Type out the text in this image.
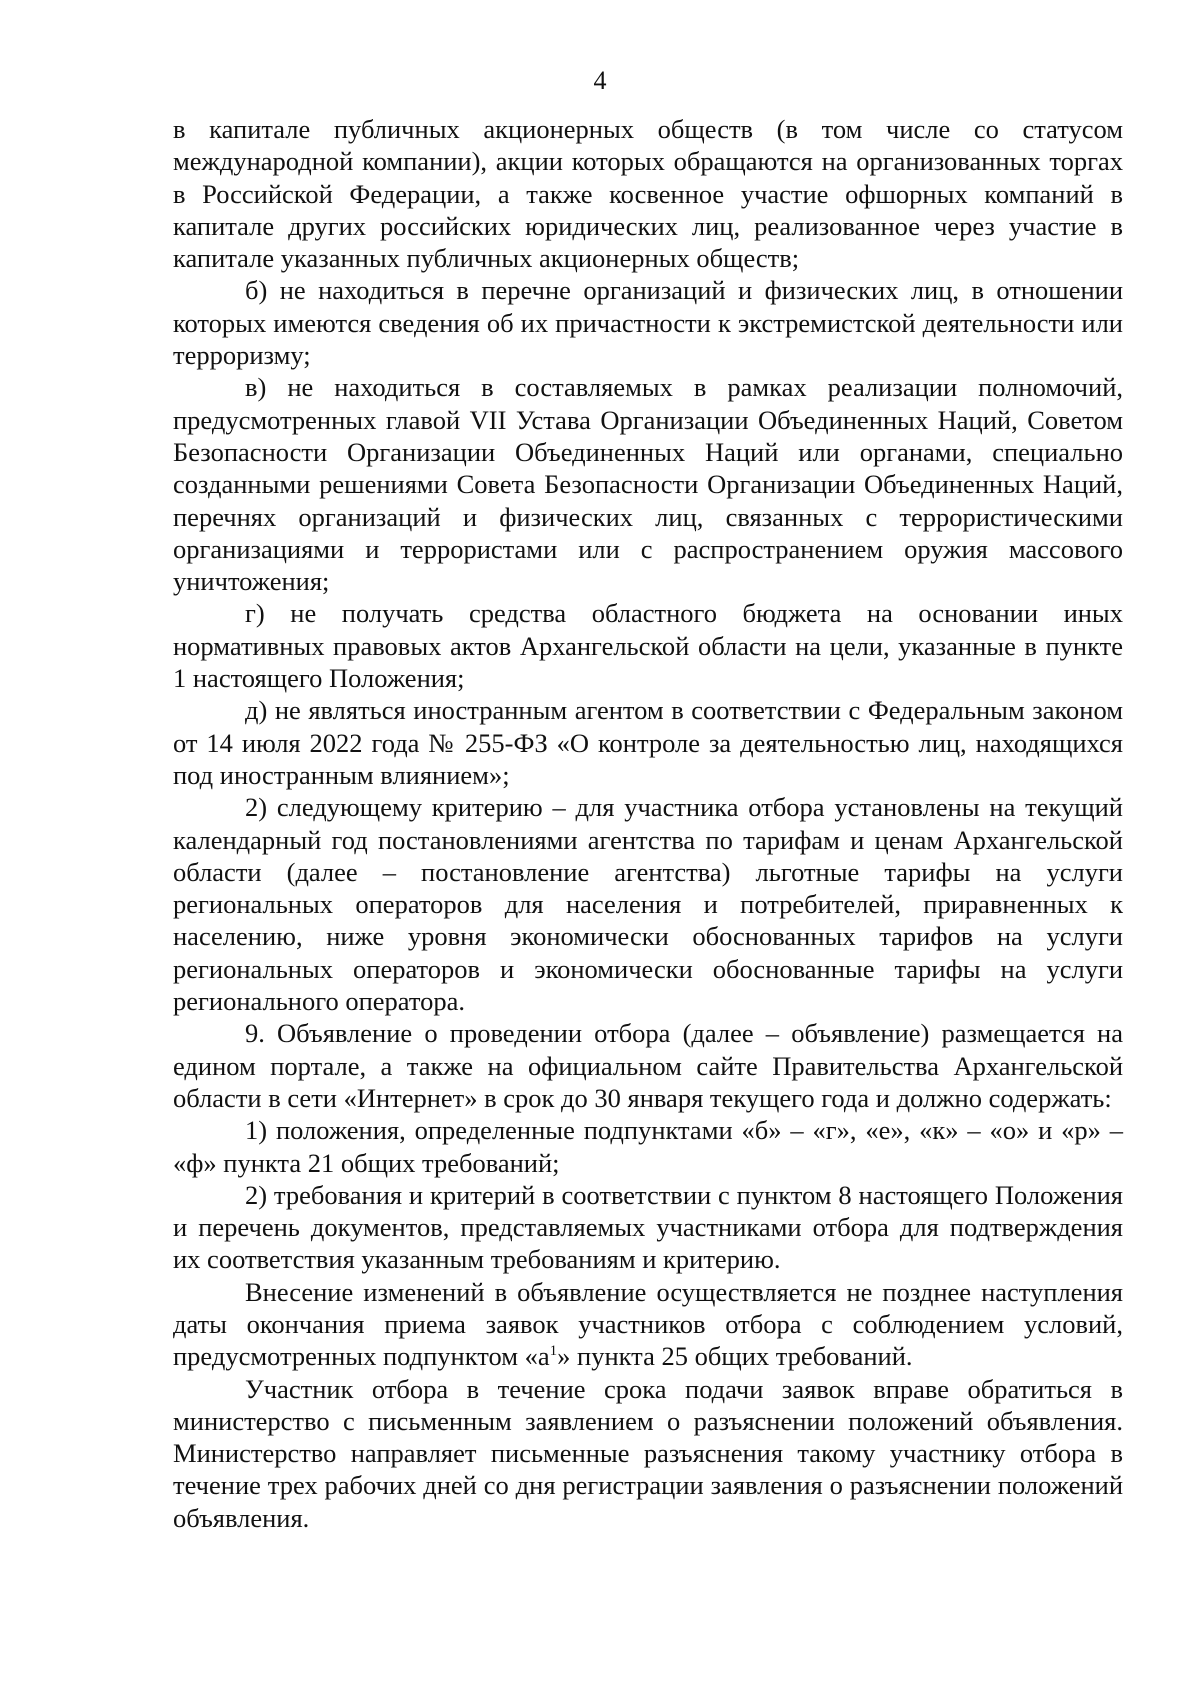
4

в капитале публичных акционерных обществ (в том числе со статусом международной компании), акции которых обращаются на организованных торгах в Российской Федерации, а также косвенное участие офшорных компаний в капитале других российских юридических лиц, реализованное через участие в капитале указанных публичных акционерных обществ;

б) не находиться в перечне организаций и физических лиц, в отношении которых имеются сведения об их причастности к экстремистской деятельности или терроризму;

в) не находиться в составляемых в рамках реализации полномочий, предусмотренных главой VII Устава Организации Объединенных Наций, Советом Безопасности Организации Объединенных Наций или органами, специально созданными решениями Совета Безопасности Организации Объединенных Наций, перечнях организаций и физических лиц, связанных с террористическими организациями и террористами или с распространением оружия массового уничтожения;

г) не получать средства областного бюджета на основании иных нормативных правовых актов Архангельской области на цели, указанные в пункте 1 настоящего Положения;

д) не являться иностранным агентом в соответствии с Федеральным законом от 14 июля 2022 года № 255-ФЗ «О контроле за деятельностью лиц, находящихся под иностранным влиянием»;

2) следующему критерию – для участника отбора установлены на текущий календарный год постановлениями агентства по тарифам и ценам Архангельской области (далее – постановление агентства) льготные тарифы на услуги региональных операторов для населения и потребителей, приравненных к населению, ниже уровня экономически обоснованных тарифов на услуги региональных операторов и экономически обоснованные тарифы на услуги регионального оператора.

9. Объявление о проведении отбора (далее – объявление) размещается на едином портале, а также на официальном сайте Правительства Архангельской области в сети «Интернет» в срок до 30 января текущего года и должно содержать:

1) положения, определенные подпунктами «б» – «г», «е», «к» – «о» и «р» – «ф» пункта 21 общих требований;

2) требования и критерий в соответствии с пунктом 8 настоящего Положения и перечень документов, представляемых участниками отбора для подтверждения их соответствия указанным требованиям и критерию.

Внесение изменений в объявление осуществляется не позднее наступления даты окончания приема заявок участников отбора с соблюдением условий, предусмотренных подпунктом «$а^1$» пункта 25 общих требований.

Участник отбора в течение срока подачи заявок вправе обратиться в министерство с письменным заявлением о разъяснении положений объявления. Министерство направляет письменные разъяснения такому участнику отбора в течение трех рабочих дней со дня регистрации заявления о разъяснении положений объявления.
